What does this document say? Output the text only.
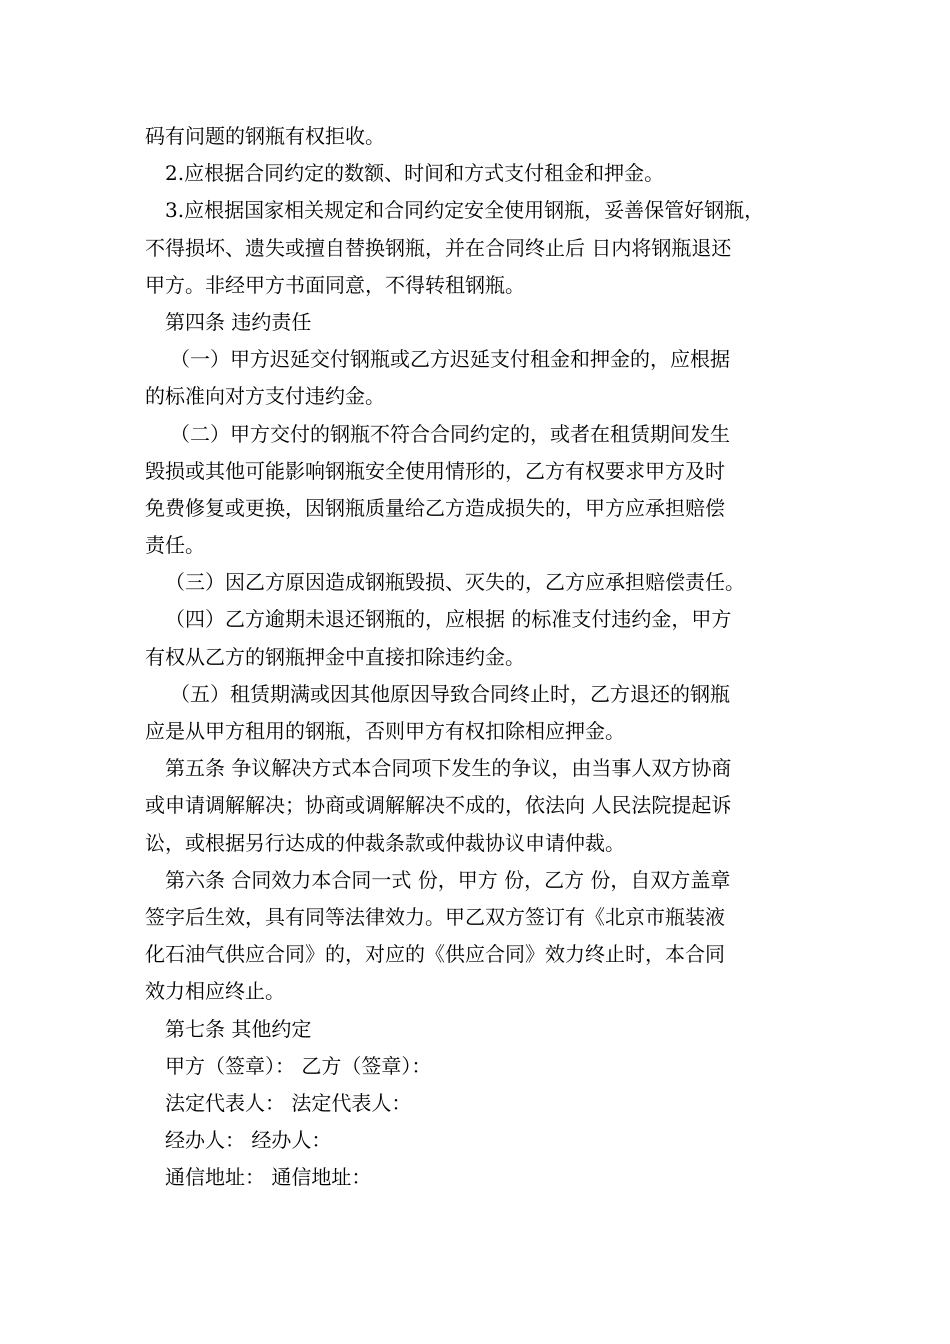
码有问题的钢瓶有权拒收。
2.应根据合同约定的数额、时间和方式支付租金和押金。
3.应根据国家相关规定和合同约定安全使用钢瓶，妥善保管好钢瓶，
不得损坏、遗失或擅自替换钢瓶，并在合同终止后 日内将钢瓶退还
甲方。非经甲方书面同意，不得转租钢瓶。
第四条 违约责任
（一）甲方迟延交付钢瓶或乙方迟延支付租金和押金的，应根据
的标准向对方支付违约金。
（二）甲方交付的钢瓶不符合合同约定的，或者在租赁期间发生
毁损或其他可能影响钢瓶安全使用情形的，乙方有权要求甲方及时
免费修复或更换，因钢瓶质量给乙方造成损失的，甲方应承担赔偿
责任。
（三）因乙方原因造成钢瓶毁损、灭失的，乙方应承担赔偿责任。
（四）乙方逾期未退还钢瓶的，应根据 的标准支付违约金，甲方
有权从乙方的钢瓶押金中直接扣除违约金。
（五）租赁期满或因其他原因导致合同终止时，乙方退还的钢瓶
应是从甲方租用的钢瓶，否则甲方有权扣除相应押金。
第五条 争议解决方式本合同项下发生的争议，由当事人双方协商
或申请调解解决；协商或调解解决不成的，依法向 人民法院提起诉
讼，或根据另行达成的仲裁条款或仲裁协议申请仲裁。
第六条 合同效力本合同一式 份，甲方 份，乙方 份，自双方盖章
签字后生效，具有同等法律效力。甲乙双方签订有《北京市瓶装液
化石油气供应合同》的，对应的《供应合同》效力终止时，本合同
效力相应终止。
第七条 其他约定
甲方（签章）： 乙方（签章）：
法定代表人： 法定代表人：
经办人： 经办人：
通信地址： 通信地址：
